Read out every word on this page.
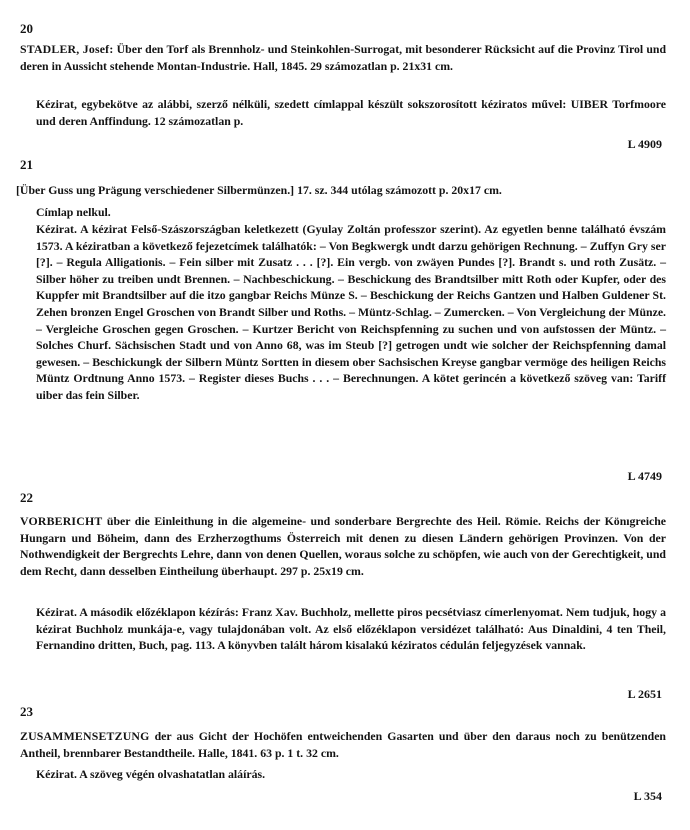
20

STADLER, Josef: Über den Torf als Brennholz- und Steinkohlen-Surrogat, mit besonderer Rücksicht auf die Provinz Tirol und deren in Aussicht stehende Montan-Industrie. Hall, 1845. 29 számozatlan p. 21x31 cm.

Kézirat, egybekötve az alábbi, szerző nélküli, szedett címlappal készült sokszorosított kéziratos művel: UIBER Torfmoore und deren Anffindung. 12 számozatlan p.

L 4909
21

[Über Guss ung Prägung verschiedener Silbermünzen.] 17. sz. 344 utólag számozott p. 20x17 cm.

Címlap nelkul.

Kézirat. A kézirat Felső-Szászországban keletkezett (Gyulay Zoltán professzor szerint). Az egyetlen benne található évszám 1573. A kéziratban a következő fejezetcímek találhatók: – Von Begkwergk undt darzu gehörigen Rechnung. – Zuffyn Gry ser [?]. – Regula Alligationis. – Fein silber mit Zusatz . . . [?]. Ein vergb. von zwäyen Pundes [?]. Brandt s. und roth Zusätz. – Silber höher zu treiben undt Brennen. – Nachbeschickung. – Beschickung des Brandtsilber mitt Roth oder Kupfer, oder des Kuppfer mit Brandtsilber auf die itzo gangbar Reichs Münze S. – Beschickung der Reichs Gantzen und Halben Guldener St. Zehen bronzen Engel Groschen von Brandt Silber und Roths. – Müntz-Schlag. – Zumercken. – Von Vergleichung der Münze. – Vergleiche Groschen gegen Groschen. – Kurtzer Bericht von Reichspfenning zu suchen und von aufstossen der Müntz. – Solches Churf. Sächsischen Stadt und von Anno 68, was im Steub [?] getrogen undt wie solcher der Reichspfenning damal gewesen. – Beschickungk der Silbern Müntz Sortten in diesem ober Sachsischen Kreyse gangbar vermöge des heiligen Reichs Müntz Ordtnung Anno 1573. – Register dieses Buchs . . . – Berechnungen. A kötet gerincén a következő szöveg van: Tariff uiber das fein Silber.

L 4749
22

VORBERICHT über die Einleithung in die algemeine- und sonderbare Bergrechte des Heil. Römie. Reichs der Könıgreiche Hungarn und Böheim, dann des Erzherzogthums Österreich mit denen zu diesen Ländern gehörigen Provinzen. Von der Nothwendigkeit der Bergrechts Lehre, dann von denen Quellen, woraus solche zu schöpfen, wie auch von der Gerechtigkeit, und dem Recht, dann desselben Eintheilung überhaupt. 297 p. 25x19 cm.

Kézirat. A második előzéklapon kézírás: Franz Xav. Buchholz, mellette piros pecsétviasz címerlenyomat. Nem tudjuk, hogy a kézirat Buchholz munkája-e, vagy tulajdonában volt. Az első előzéklapon versidézet található: Aus Dinaldini, 4 ten Theil, Fernandino dritten, Buch, pag. 113. A könyvben talált három kisalakú kéziratos cédulán feljegyzések vannak.

L 2651
23

ZUSAMMENSETZUNG der aus Gicht der Hochöfen entweichenden Gasarten und über den daraus noch zu benützenden Antheil, brennbarer Bestandtheile. Halle, 1841. 63 p. 1 t. 32 cm.

Kézirat. A szöveg végén olvashatatlan aláírás.

L 354
